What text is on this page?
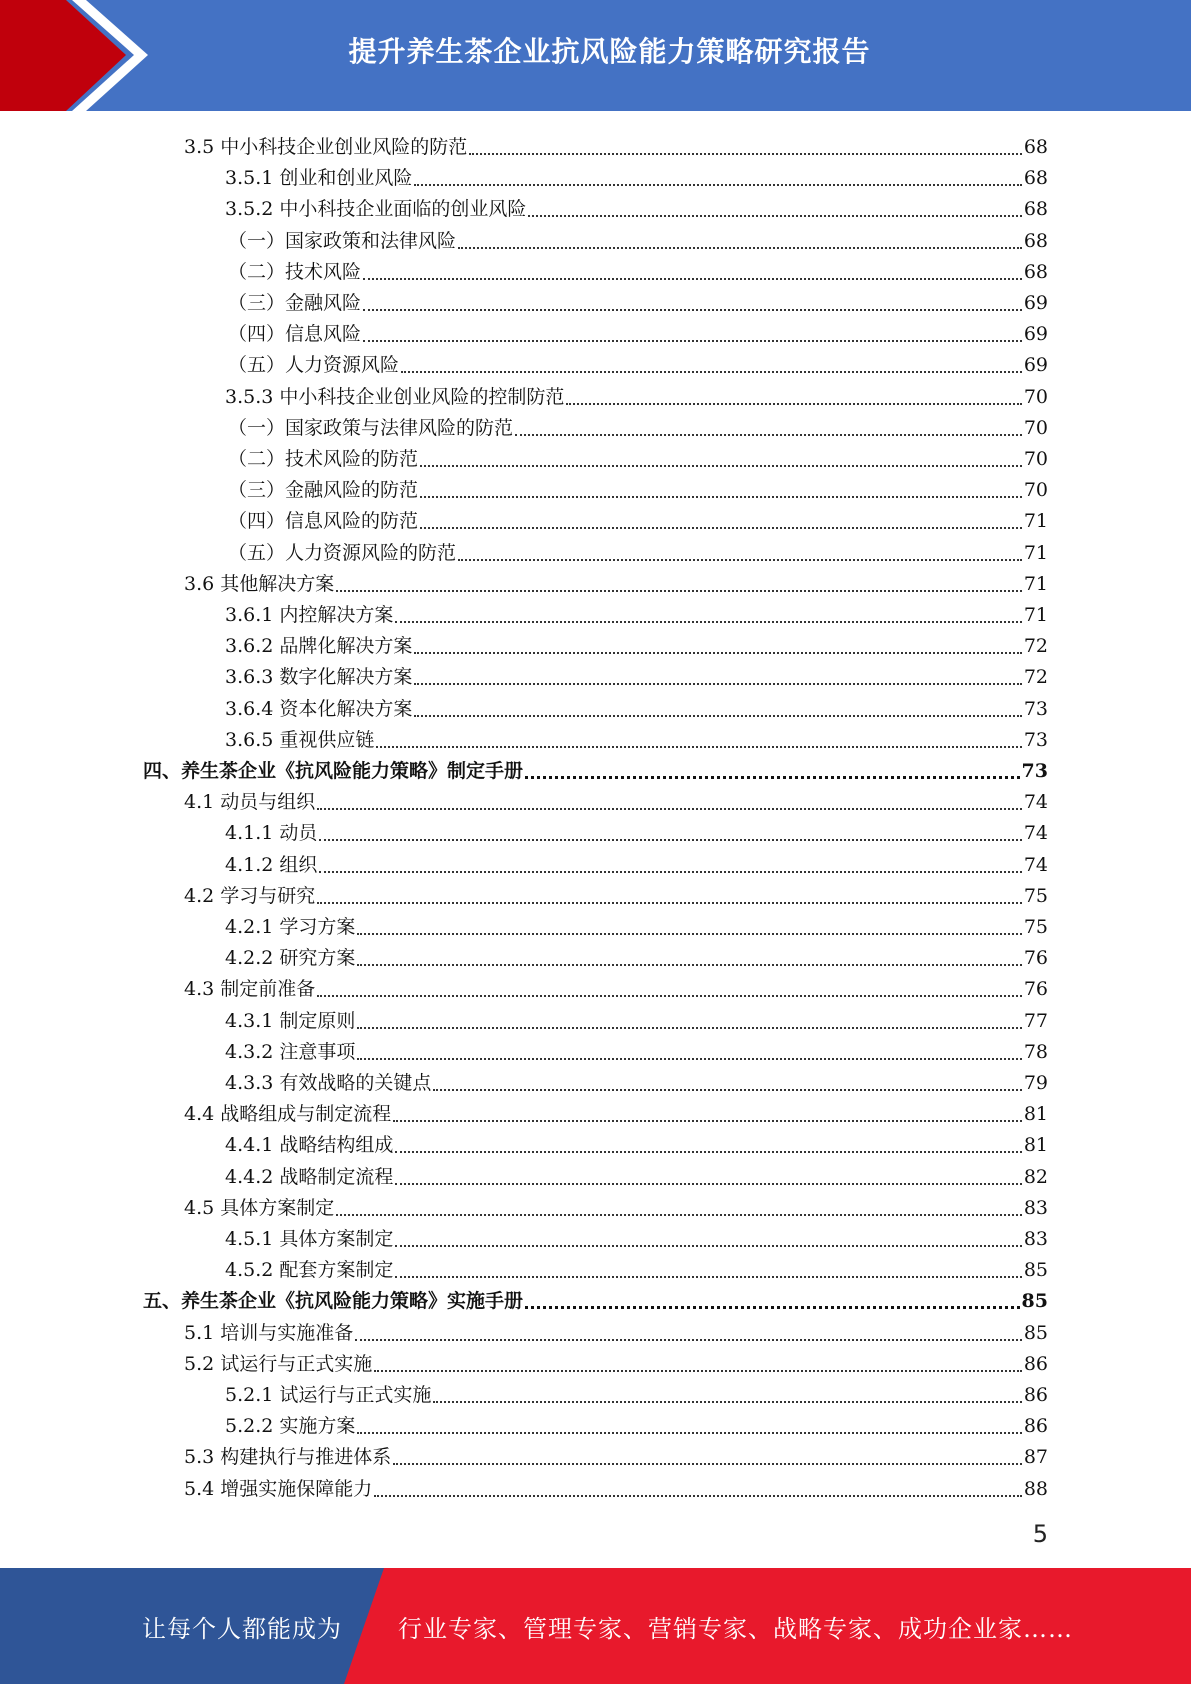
提升养生茶企业抗风险能力策略研究报告
3.5 中小科技企业创业风险的防范	68
3.5.1 创业和创业风险	68
3.5.2 中小科技企业面临的创业风险	68
（一）国家政策和法律风险	68
（二）技术风险	68
（三）金融风险	69
（四）信息风险	69
（五）人力资源风险	69
3.5.3 中小科技企业创业风险的控制防范	70
（一）国家政策与法律风险的防范	70
（二）技术风险的防范	70
（三）金融风险的防范	70
（四）信息风险的防范	71
（五）人力资源风险的防范	71
3.6 其他解决方案	71
3.6.1 内控解决方案	71
3.6.2 品牌化解决方案	72
3.6.3 数字化解决方案	72
3.6.4 资本化解决方案	73
3.6.5 重视供应链	73
四、养生茶企业《抗风险能力策略》制定手册	73
4.1 动员与组织	74
4.1.1 动员	74
4.1.2 组织	74
4.2 学习与研究	75
4.2.1 学习方案	75
4.2.2 研究方案	76
4.3 制定前准备	76
4.3.1 制定原则	77
4.3.2 注意事项	78
4.3.3 有效战略的关键点	79
4.4 战略组成与制定流程	81
4.4.1 战略结构组成	81
4.4.2 战略制定流程	82
4.5 具体方案制定	83
4.5.1 具体方案制定	83
4.5.2 配套方案制定	85
五、养生茶企业《抗风险能力策略》实施手册	85
5.1 培训与实施准备	85
5.2 试运行与正式实施	86
5.2.1 试运行与正式实施	86
5.2.2 实施方案	86
5.3 构建执行与推进体系	87
5.4 增强实施保障能力	88
5
让每个人都能成为 行业专家、管理专家、营销专家、战略专家、成功企业家……
